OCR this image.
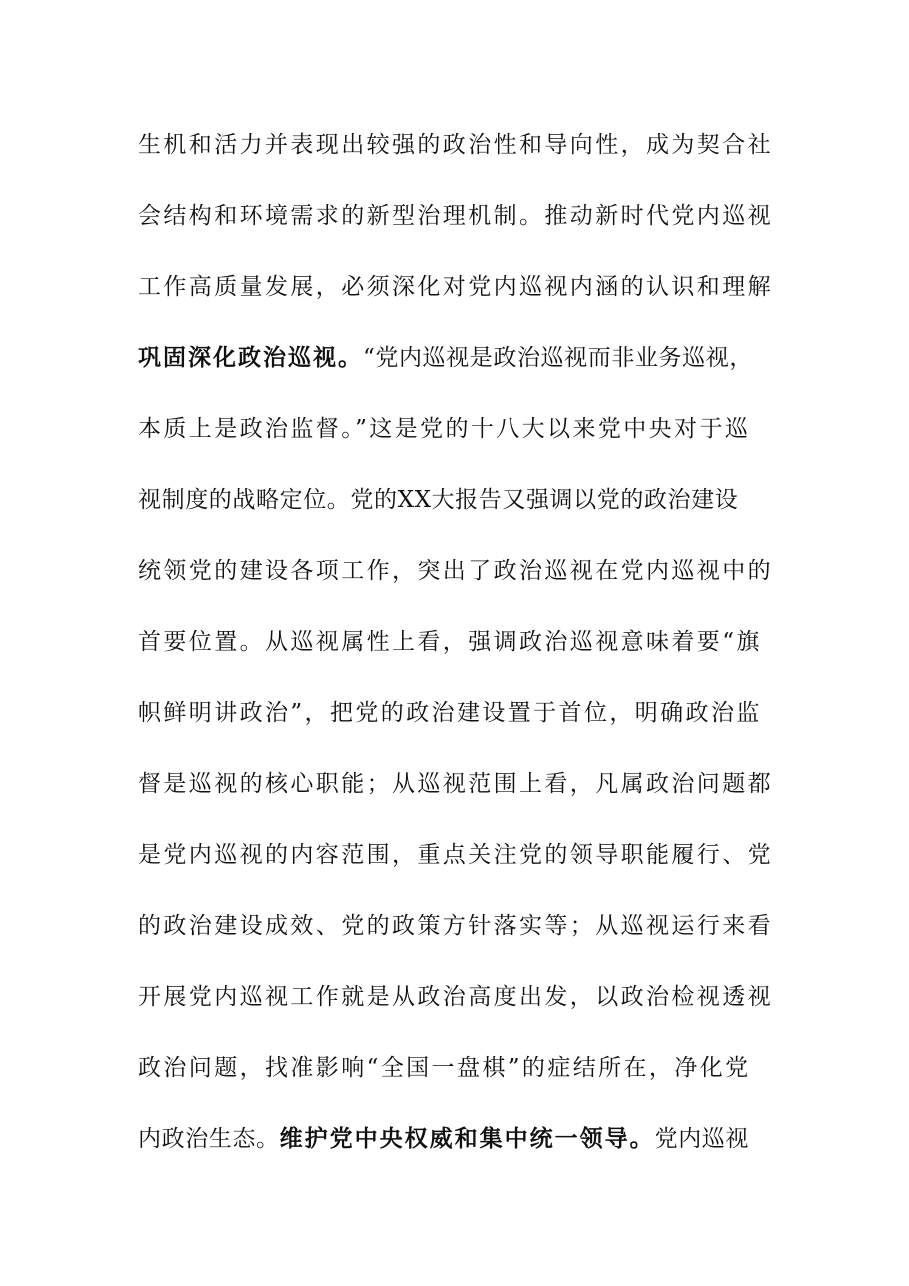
生机和活力并表现出较强的政治性和导向性，成为契合社
会结构和环境需求的新型治理机制。推动新时代党内巡视
工作高质量发展，必须深化对党内巡视内涵的认识和理解
巩固深化政治巡视。“党内巡视是政治巡视而非业务巡视，
本质上是政治监督。”这是党的十八大以来党中央对于巡
视制度的战略定位。党的XX大报告又强调以党的政治建设
统领党的建设各项工作，突出了政治巡视在党内巡视中的
首要位置。从巡视属性上看，强调政治巡视意味着要“旗
帜鲜明讲政治”，把党的政治建设置于首位，明确政治监
督是巡视的核心职能；从巡视范围上看，凡属政治问题都
是党内巡视的内容范围，重点关注党的领导职能履行、党
的政治建设成效、党的政策方针落实等；从巡视运行来看
开展党内巡视工作就是从政治高度出发，以政治检视透视
政治问题，找准影响“全国一盘棋”的症结所在，净化党
内政治生态。维护党中央权威和集中统一领导。党内巡视
